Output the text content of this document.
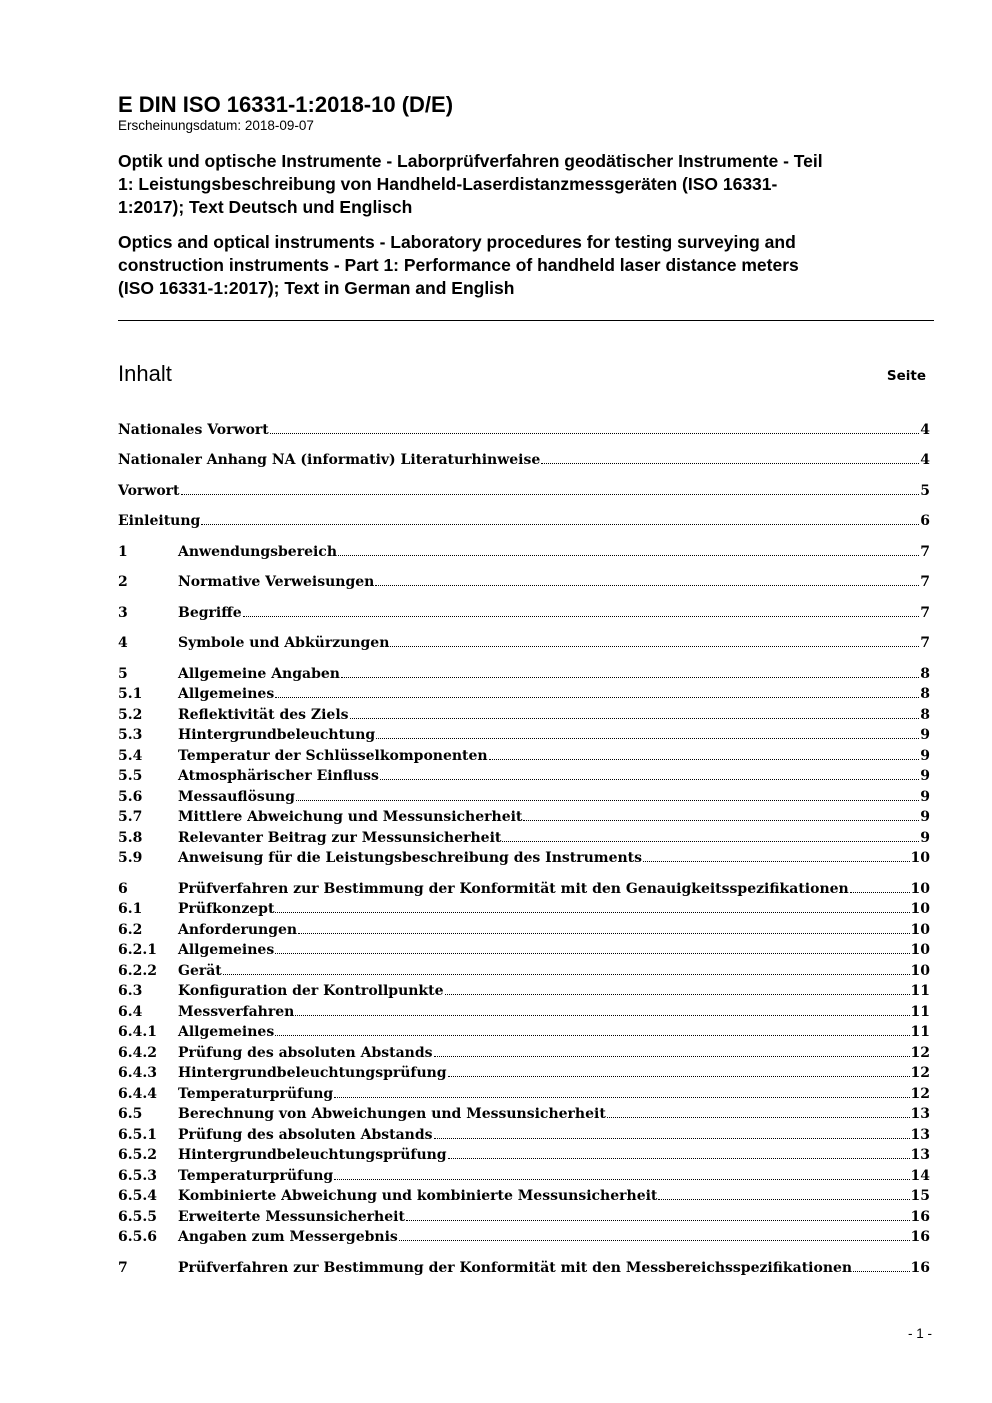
E DIN ISO 16331-1:2018-10 (D/E)
Erscheinungsdatum: 2018-09-07
Optik und optische Instrumente - Laborprüfverfahren geodätischer Instrumente - Teil
1: Leistungsbeschreibung von Handheld-Laserdistanzmessgeräten (ISO 16331-
1:2017); Text Deutsch und Englisch
Optics and optical instruments - Laboratory procedures for testing surveying and
construction instruments - Part 1: Performance of handheld laser distance meters
(ISO 16331-1:2017); Text in German and English
Inhalt	Seite
Nationales Vorwort	4
Nationaler Anhang NA (informativ) Literaturhinweise	4
Vorwort	5
Einleitung	6
1	Anwendungsbereich	7
2	Normative Verweisungen	7
3	Begriffe	7
4	Symbole und Abkürzungen	7
5	Allgemeine Angaben	8
5.1	Allgemeines	8
5.2	Reflektivität des Ziels	8
5.3	Hintergrundbeleuchtung	9
5.4	Temperatur der Schlüsselkomponenten	9
5.5	Atmosphärischer Einfluss	9
5.6	Messauflösung	9
5.7	Mittlere Abweichung und Messunsicherheit	9
5.8	Relevanter Beitrag zur Messunsicherheit	9
5.9	Anweisung für die Leistungsbeschreibung des Instruments	10
6	Prüfverfahren zur Bestimmung der Konformität mit den Genauigkeitsspezifikationen	10
6.1	Prüfkonzept	10
6.2	Anforderungen	10
6.2.1	Allgemeines	10
6.2.2	Gerät	10
6.3	Konfiguration der Kontrollpunkte	11
6.4	Messverfahren	11
6.4.1	Allgemeines	11
6.4.2	Prüfung des absoluten Abstands	12
6.4.3	Hintergrundbeleuchtungsprüfung	12
6.4.4	Temperaturprüfung	12
6.5	Berechnung von Abweichungen und Messunsicherheit	13
6.5.1	Prüfung des absoluten Abstands	13
6.5.2	Hintergrundbeleuchtungsprüfung	13
6.5.3	Temperaturprüfung	14
6.5.4	Kombinierte Abweichung und kombinierte Messunsicherheit	15
6.5.5	Erweiterte Messunsicherheit	16
6.5.6	Angaben zum Messergebnis	16
7	Prüfverfahren zur Bestimmung der Konformität mit den Messbereichsspezifikationen	16
- 1 -
